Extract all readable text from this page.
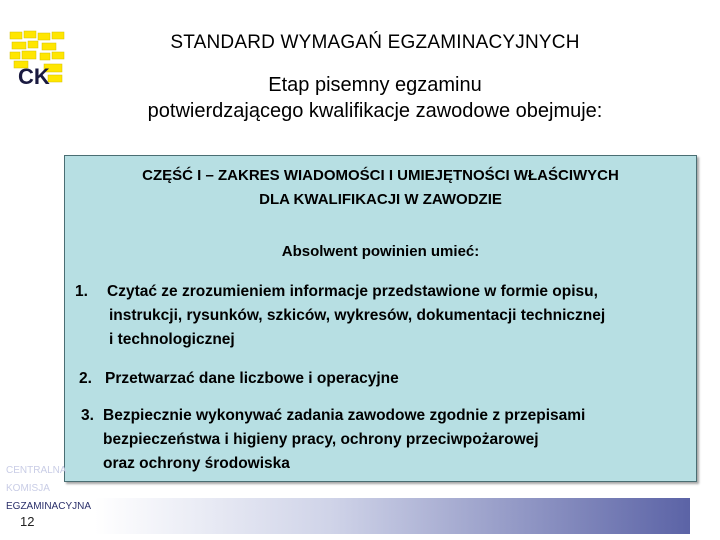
CK
STANDARD WYMAGAŃ EGZAMINACYJNYCH
Etap pisemny egzaminu
potwierdzającego kwalifikacje zawodowe obejmuje:
CZĘŚĆ I – ZAKRES WIADOMOŚCI I UMIEJĘTNOŚCI WŁAŚCIWYCH
DLA KWALIFIKACJI W ZAWODZIE
Absolwent powinien umieć:
1. Czytać ze zrozumieniem informacje przedstawione w formie opisu,
instrukcji, rysunków, szkiców, wykresów, dokumentacji technicznej
i technologicznej
2. Przetwarzać dane liczbowe i operacyjne
3. Bezpiecznie wykonywać zadania zawodowe zgodnie z przepisami
bezpieczeństwa i higieny pracy, ochrony przeciwpożarowej
oraz ochrony środowiska
CENTRALNA
KOMISJA
EGZAMINACYJNA
12
